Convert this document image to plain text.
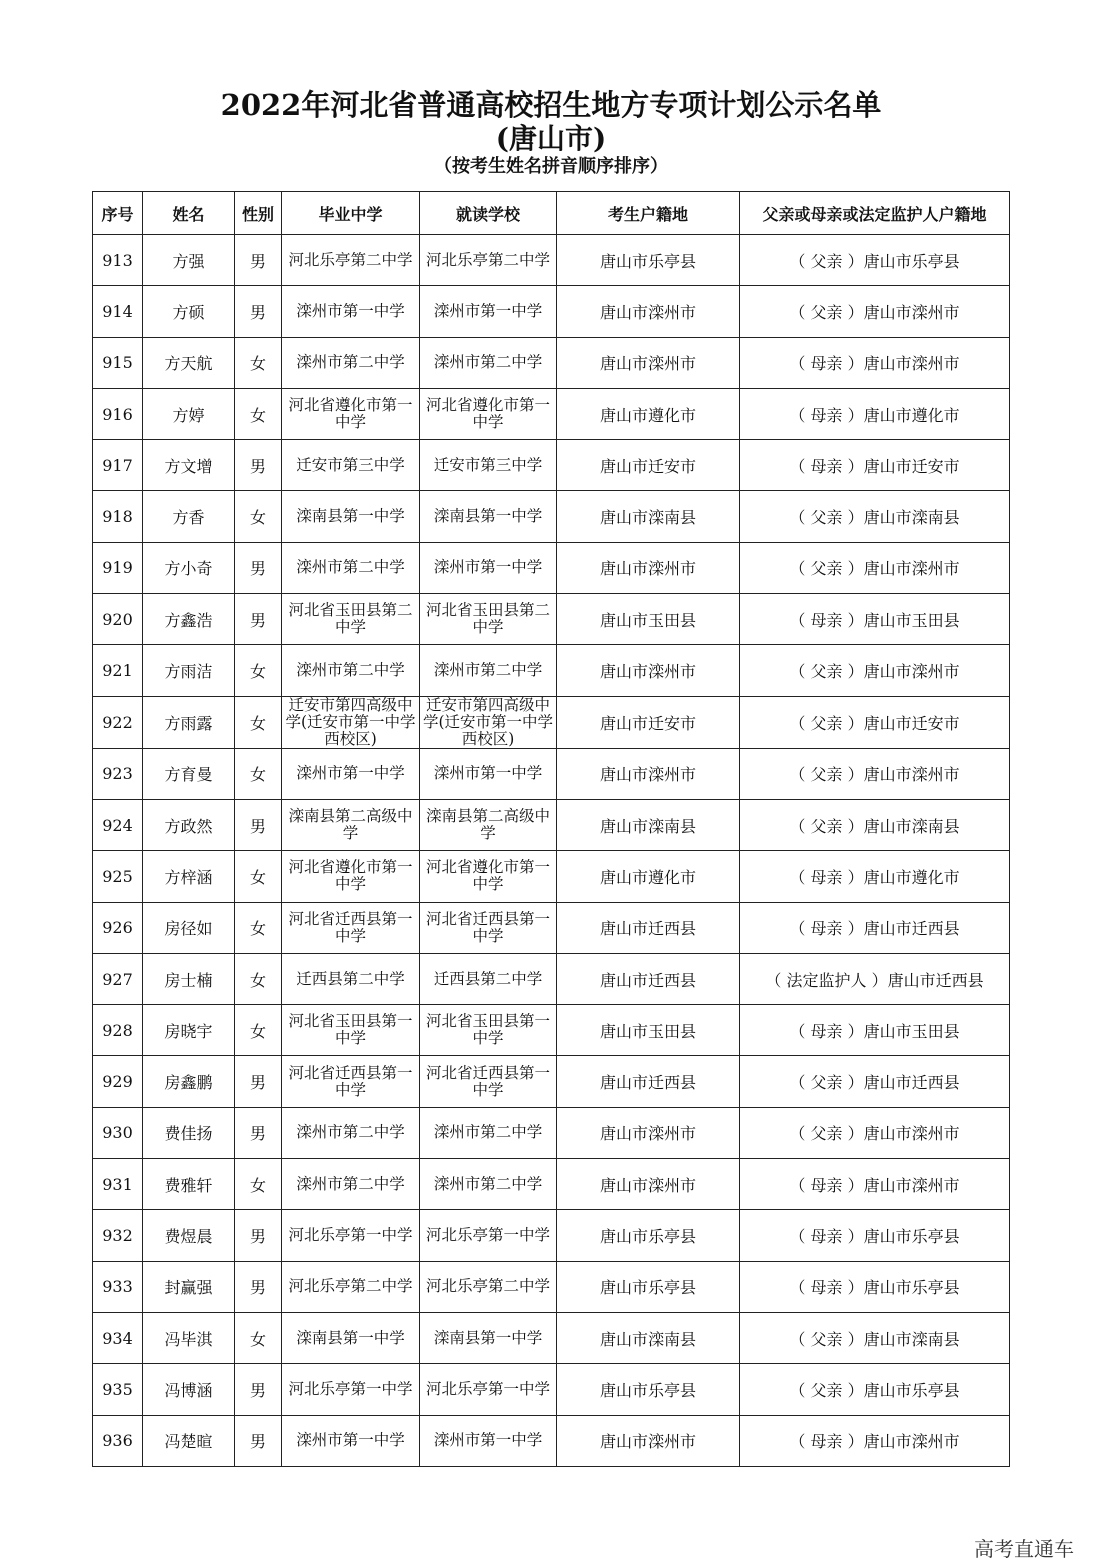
2022年河北省普通高校招生地方专项计划公示名单
(唐山市)
（按考生姓名拼音顺序排序）
序号	姓名	性别	毕业中学	就读学校	考生户籍地	父亲或母亲或法定监护人户籍地
913	方强	男	河北乐亭第二中学	河北乐亭第二中学	唐山市乐亭县	（ 父亲 ）唐山市乐亭县
914	方硕	男	滦州市第一中学	滦州市第一中学	唐山市滦州市	（ 父亲 ）唐山市滦州市
915	方天航	女	滦州市第二中学	滦州市第二中学	唐山市滦州市	（ 母亲 ）唐山市滦州市
916	方婷	女	河北省遵化市第一中学	河北省遵化市第一中学	唐山市遵化市	（ 母亲 ）唐山市遵化市
917	方文增	男	迁安市第三中学	迁安市第三中学	唐山市迁安市	（ 母亲 ）唐山市迁安市
918	方香	女	滦南县第一中学	滦南县第一中学	唐山市滦南县	（ 父亲 ）唐山市滦南县
919	方小奇	男	滦州市第二中学	滦州市第一中学	唐山市滦州市	（ 父亲 ）唐山市滦州市
920	方鑫浩	男	河北省玉田县第二中学	河北省玉田县第二中学	唐山市玉田县	（ 母亲 ）唐山市玉田县
921	方雨洁	女	滦州市第二中学	滦州市第二中学	唐山市滦州市	（ 父亲 ）唐山市滦州市
922	方雨露	女	迁安市第四高级中学(迁安市第一中学西校区)	迁安市第四高级中学(迁安市第一中学西校区)	唐山市迁安市	（ 父亲 ）唐山市迁安市
923	方育曼	女	滦州市第一中学	滦州市第一中学	唐山市滦州市	（ 父亲 ）唐山市滦州市
924	方政然	男	滦南县第二高级中学	滦南县第二高级中学	唐山市滦南县	（ 父亲 ）唐山市滦南县
925	方梓涵	女	河北省遵化市第一中学	河北省遵化市第一中学	唐山市遵化市	（ 母亲 ）唐山市遵化市
926	房径如	女	河北省迁西县第一中学	河北省迁西县第一中学	唐山市迁西县	（ 母亲 ）唐山市迁西县
927	房士楠	女	迁西县第二中学	迁西县第二中学	唐山市迁西县	（ 法定监护人 ）唐山市迁西县
928	房晓宇	女	河北省玉田县第一中学	河北省玉田县第一中学	唐山市玉田县	（ 母亲 ）唐山市玉田县
929	房鑫鹏	男	河北省迁西县第一中学	河北省迁西县第一中学	唐山市迁西县	（ 父亲 ）唐山市迁西县
930	费佳扬	男	滦州市第二中学	滦州市第二中学	唐山市滦州市	（ 父亲 ）唐山市滦州市
931	费雅轩	女	滦州市第二中学	滦州市第二中学	唐山市滦州市	（ 母亲 ）唐山市滦州市
932	费煜晨	男	河北乐亭第一中学	河北乐亭第一中学	唐山市乐亭县	（ 母亲 ）唐山市乐亭县
933	封赢强	男	河北乐亭第二中学	河北乐亭第二中学	唐山市乐亭县	（ 母亲 ）唐山市乐亭县
934	冯毕淇	女	滦南县第一中学	滦南县第一中学	唐山市滦南县	（ 父亲 ）唐山市滦南县
935	冯博涵	男	河北乐亭第一中学	河北乐亭第一中学	唐山市乐亭县	（ 父亲 ）唐山市乐亭县
936	冯楚暄	男	滦州市第一中学	滦州市第一中学	唐山市滦州市	（ 母亲 ）唐山市滦州市
高考直通车
